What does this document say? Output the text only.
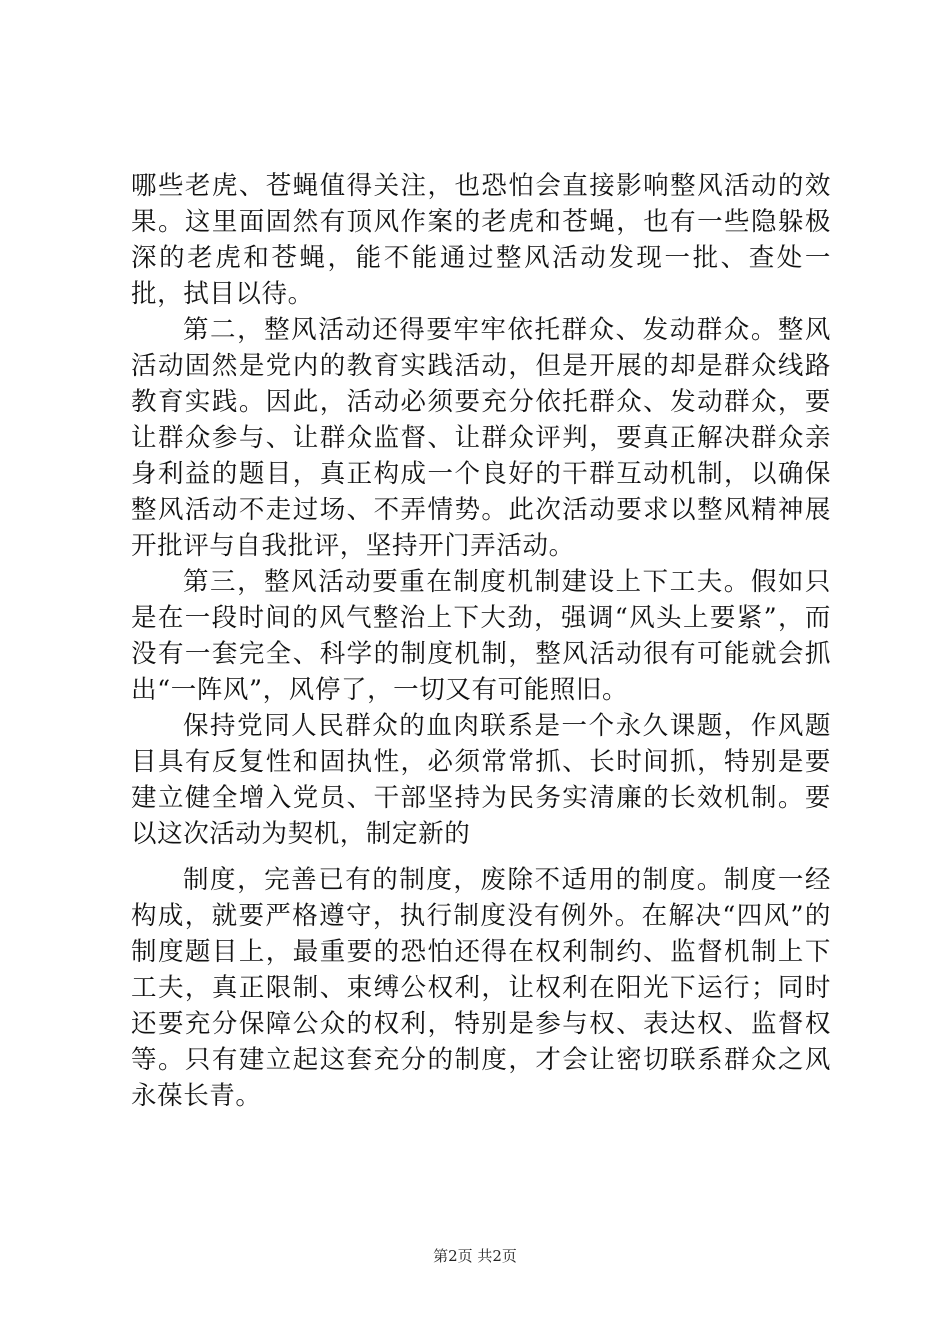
哪些老虎、苍蝇值得关注，也恐怕会直接影响整风活动的效果。这里面固然有顶风作案的老虎和苍蝇，也有一些隐躲极深的老虎和苍蝇，能不能通过整风活动发现一批、查处一批，拭目以待。

第二，整风活动还得要牢牢依托群众、发动群众。整风活动固然是党内的教育实践活动，但是开展的却是群众线路教育实践。因此，活动必须要充分依托群众、发动群众，要让群众参与、让群众监督、让群众评判，要真正解决群众亲身利益的题目，真正构成一个良好的干群互动机制，以确保整风活动不走过场、不弄情势。此次活动要求以整风精神展开批评与自我批评，坚持开门弄活动。

第三，整风活动要重在制度机制建设上下工夫。假如只是在一段时间的风气整治上下大劲，强调“风头上要紧”，而没有一套完全、科学的制度机制，整风活动很有可能就会抓出“一阵风”，风停了，一切又有可能照旧。

保持党同人民群众的血肉联系是一个永久课题，作风题目具有反复性和固执性，必须常常抓、长时间抓，特别是要建立健全增入党员、干部坚持为民务实清廉的长效机制。要以这次活动为契机，制定新的

制度，完善已有的制度，废除不适用的制度。制度一经构成，就要严格遵守，执行制度没有例外。在解决“四风”的制度题目上，最重要的恐怕还得在权利制约、监督机制上下工夫，真正限制、束缚公权利，让权利在阳光下运行；同时还要充分保障公众的权利，特别是参与权、表达权、监督权等。只有建立起这套充分的制度，才会让密切联系群众之风永葆长青。

第2页 共2页
